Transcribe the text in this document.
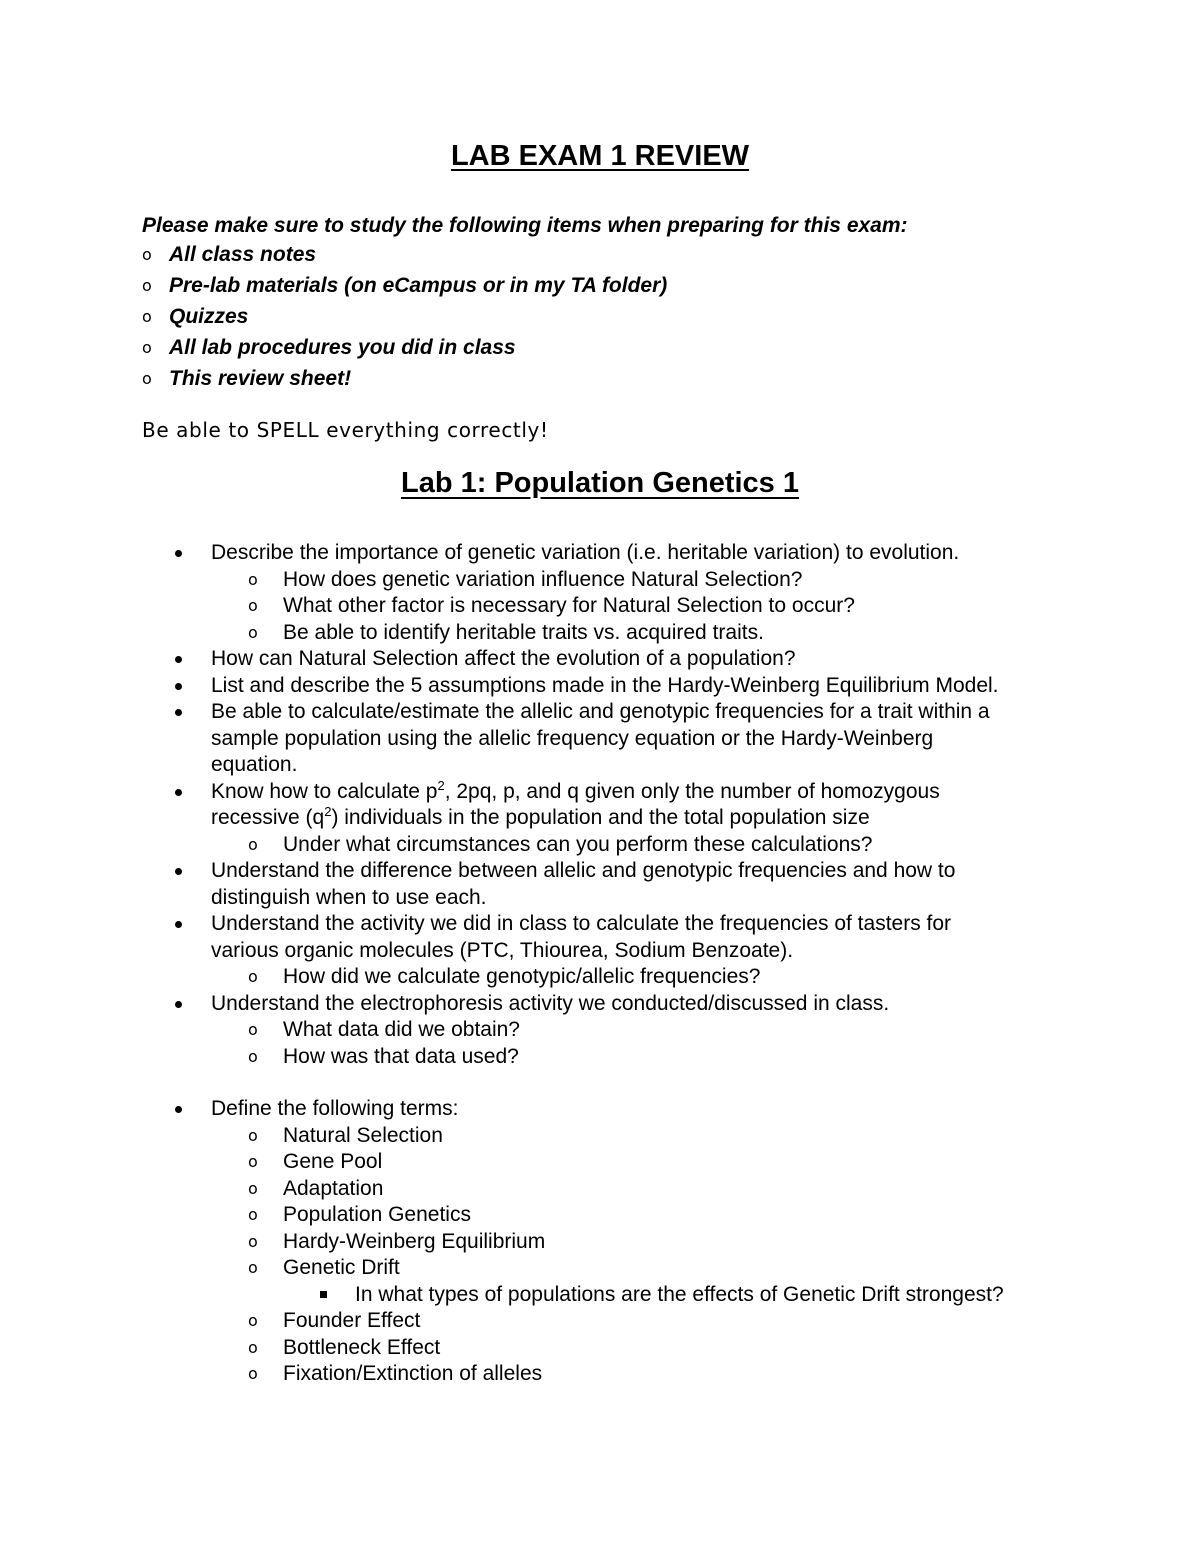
LAB EXAM 1 REVIEW
Please make sure to study the following items when preparing for this exam:
o All class notes
o Pre-lab materials (on eCampus or in my TA folder)
o Quizzes
o All lab procedures you did in class
o This review sheet!
Be able to SPELL everything correctly!
Lab 1: Population Genetics 1
Describe the importance of genetic variation (i.e. heritable variation) to evolution.
o How does genetic variation influence Natural Selection?
o What other factor is necessary for Natural Selection to occur?
o Be able to identify heritable traits vs. acquired traits.
How can Natural Selection affect the evolution of a population?
List and describe the 5 assumptions made in the Hardy-Weinberg Equilibrium Model.
Be able to calculate/estimate the allelic and genotypic frequencies for a trait within a
sample population using the allelic frequency equation or the Hardy-Weinberg
equation.
Know how to calculate $p^2$, 2pq, p, and q given only the number of homozygous
recessive $(q^2)$ individuals in the population and the total population size
o Under what circumstances can you perform these calculations?
Understand the difference between allelic and genotypic frequencies and how to
distinguish when to use each.
Understand the activity we did in class to calculate the frequencies of tasters for
various organic molecules (PTC, Thiourea, Sodium Benzoate).
o How did we calculate genotypic/allelic frequencies?
Understand the electrophoresis activity we conducted/discussed in class.
o What data did we obtain?
o How was that data used?
Define the following terms:
o Natural Selection
o Gene Pool
o Adaptation
o Population Genetics
o Hardy-Weinberg Equilibrium
o Genetic Drift
In what types of populations are the effects of Genetic Drift strongest?
o Founder Effect
o Bottleneck Effect
o Fixation/Extinction of alleles
